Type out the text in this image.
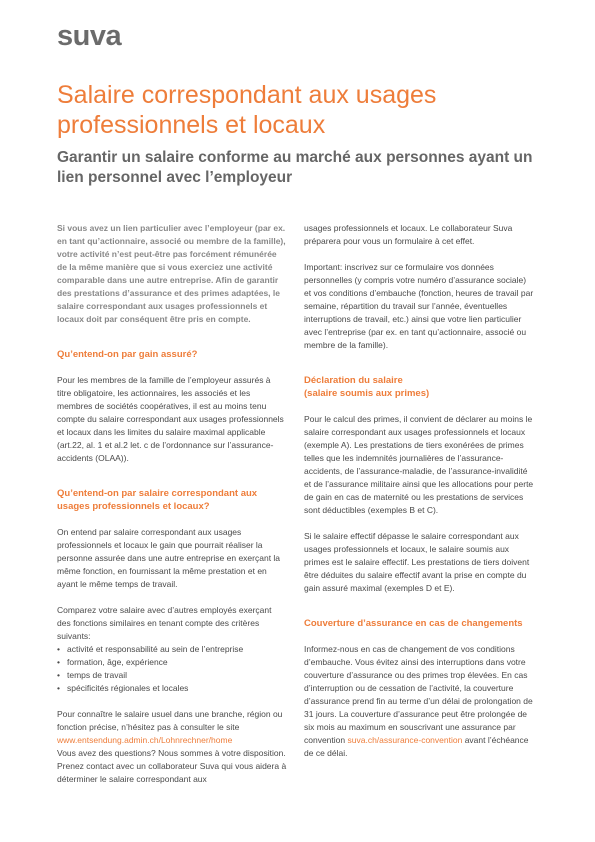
suva
Salaire correspondant aux usages professionnels et locaux
Garantir un salaire conforme au marché aux personnes ayant un lien personnel avec l’employeur

Si vous avez un lien particulier avec l’employeur (par ex. en tant qu’actionnaire, associé ou membre de la famille), votre activité n’est peut-être pas forcément rémunérée de la même manière que si vous exerciez une activité comparable dans une autre entreprise. Afin de garantir des prestations d’assurance et des primes adaptées, le salaire correspondant aux usages professionnels et locaux doit par conséquent être pris en compte.

Qu’entend-on par gain assuré?

Pour les membres de la famille de l’employeur assurés à titre obligatoire, les actionnaires, les associés et les membres de sociétés coopératives, il est au moins tenu compte du salaire correspondant aux usages professionnels et locaux dans les limites du salaire maximal applicable (art.22, al. 1 et al.2 let. c de l’ordonnance sur l’assurance-accidents (OLAA)).

Qu’entend-on par salaire correspondant aux usages professionnels et locaux?

On entend par salaire correspondant aux usages professionnels et locaux le gain que pourrait réaliser la personne assurée dans une autre entreprise en exerçant la même fonction, en fournissant la même prestation et en ayant le même temps de travail.

Comparez votre salaire avec d’autres employés exerçant des fonctions similaires en tenant compte des critères suivants:

• activité et responsabilité au sein de l’entreprise
• formation, âge, expérience
• temps de travail
• spécificités régionales et locales

Pour connaître le salaire usuel dans une branche, région ou fonction précise, n’hésitez pas à consulter le site
www.entsendung.admin.ch/Lohnrechner/home
Vous avez des questions? Nous sommes à votre disposition. Prenez contact avec un collaborateur Suva qui vous aidera à déterminer le salaire correspondant aux

usages professionnels et locaux. Le collaborateur Suva préparera pour vous un formulaire à cet effet.

Important: inscrivez sur ce formulaire vos données personnelles (y compris votre numéro d’assurance sociale) et vos conditions d’embauche (fonction, heures de travail par semaine, répartition du travail sur l’année, éventuelles interruptions de travail, etc.) ainsi que votre lien particulier avec l’entreprise (par ex. en tant qu’actionnaire, associé ou membre de la famille).

Déclaration du salaire
(salaire soumis aux primes)

Pour le calcul des primes, il convient de déclarer au moins le salaire correspondant aux usages professionnels et locaux (exemple A). Les prestations de tiers exonérées de primes telles que les indemnités journalières de l’assurance-accidents, de l’assurance-maladie, de l’assurance-invalidité et de l’assurance militaire ainsi que les allocations pour perte de gain en cas de maternité ou les prestations de services sont déductibles (exemples B et C).

Si le salaire effectif dépasse le salaire correspondant aux usages professionnels et locaux, le salaire soumis aux primes est le salaire effectif. Les prestations de tiers doivent être déduites du salaire effectif avant la prise en compte du gain assuré maximal (exemples D et E).

Couverture d’assurance en cas de changements

Informez-nous en cas de changement de vos conditions d’embauche. Vous évitez ainsi des interruptions dans votre couverture d’assurance ou des primes trop élevées. En cas d’interruption ou de cessation de l’activité, la couverture d’assurance prend fin au terme d’un délai de prolongation de 31 jours. La couverture d’assurance peut être prolongée de six mois au maximum en souscrivant une assurance par convention suva.ch/assurance-convention avant l’échéance de ce délai.
